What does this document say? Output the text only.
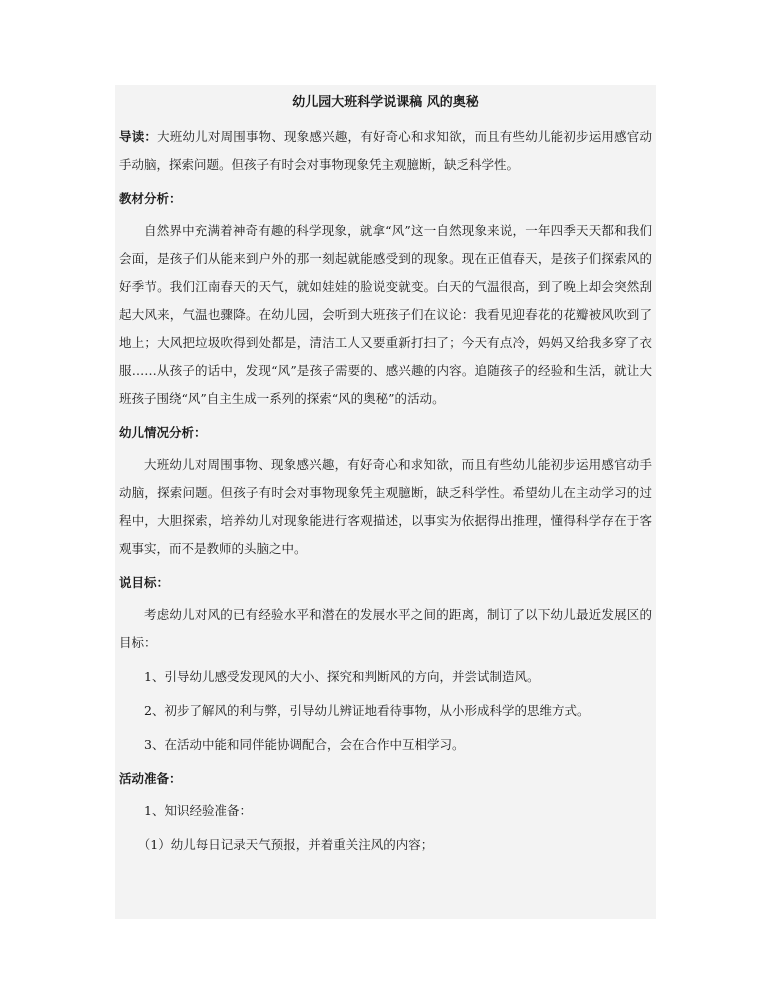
幼儿园大班科学说课稿 风的奥秘

导读：大班幼儿对周围事物、现象感兴趣，有好奇心和求知欲，而且有些幼儿能初步运用感官动手动脑，探索问题。但孩子有时会对事物现象凭主观臆断，缺乏科学性。

教材分析：

自然界中充满着神奇有趣的科学现象，就拿“风”这一自然现象来说，一年四季天天都和我们会面，是孩子们从能来到户外的那一刻起就能感受到的现象。现在正值春天，是孩子们探索风的好季节。我们江南春天的天气，就如娃娃的脸说变就变。白天的气温很高，到了晚上却会突然刮起大风来，气温也骤降。在幼儿园，会听到大班孩子们在议论：我看见迎春花的花瓣被风吹到了地上；大风把垃圾吹得到处都是，清洁工人又要重新打扫了；今天有点冷，妈妈又给我多穿了衣服……从孩子的话中，发现“风”是孩子需要的、感兴趣的内容。追随孩子的经验和生活，就让大班孩子围绕“风”自主生成一系列的探索“风的奥秘”的活动。

幼儿情况分析：

大班幼儿对周围事物、现象感兴趣，有好奇心和求知欲，而且有些幼儿能初步运用感官动手动脑，探索问题。但孩子有时会对事物现象凭主观臆断，缺乏科学性。希望幼儿在主动学习的过程中，大胆探索，培养幼儿对现象能进行客观描述，以事实为依据得出推理，懂得科学存在于客观事实，而不是教师的头脑之中。

说目标：

考虑幼儿对风的已有经验水平和潜在的发展水平之间的距离，制订了以下幼儿最近发展区的目标：

1、引导幼儿感受发现风的大小、探究和判断风的方向，并尝试制造风。

2、初步了解风的利与弊，引导幼儿辨证地看待事物，从小形成科学的思维方式。

3、在活动中能和同伴能协调配合，会在合作中互相学习。

活动准备：

1、知识经验准备：

（1）幼儿每日记录天气预报，并着重关注风的内容；
